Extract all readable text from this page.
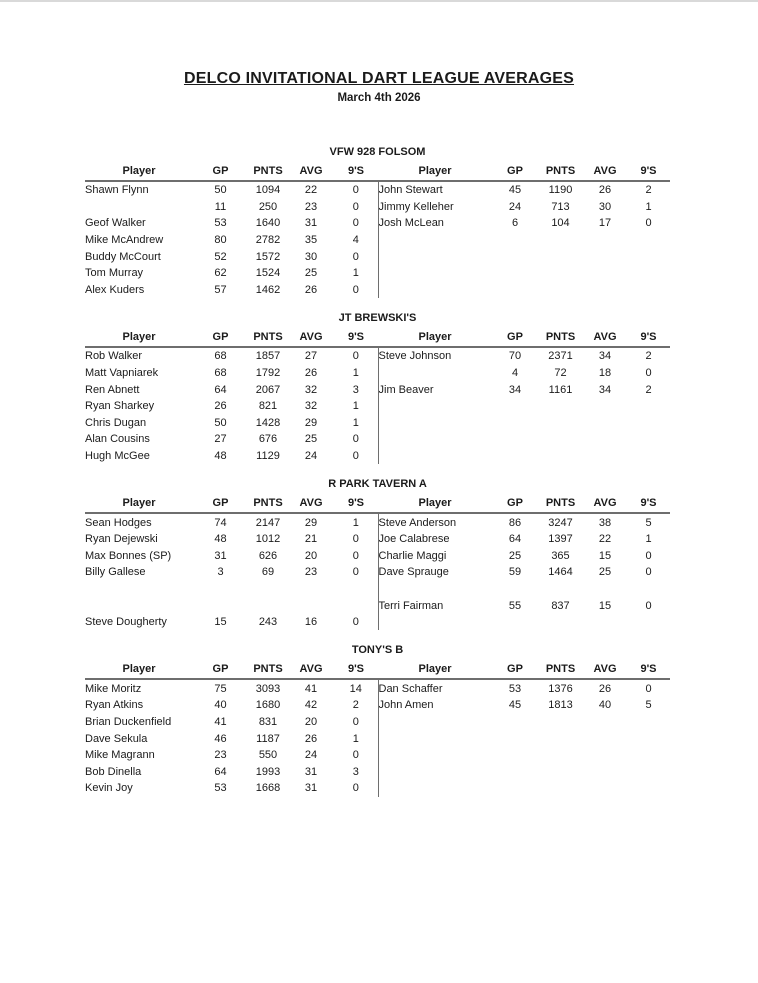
DELCO INVITATIONAL DART LEAGUE AVERAGES
March 4th 2026
VFW 928 FOLSOM
Player	GP	PNTS	AVG	9'S	Player	GP	PNTS	AVG	9'S
Shawn Flynn	50	1094	22	0	John Stewart	45	1190	26	2
	11	250	23	0	Jimmy Kelleher	24	713	30	1
Geof Walker	53	1640	31	0	Josh McLean	6	104	17	0
Mike McAndrew	80	2782	35	4					
Buddy McCourt	52	1572	30	0					
Tom Murray	62	1524	25	1					
Alex Kuders	57	1462	26	0					
JT BREWSKI'S
Player	GP	PNTS	AVG	9'S	Player	GP	PNTS	AVG	9'S
Rob Walker	68	1857	27	0	Steve Johnson	70	2371	34	2
Matt Vapniarek	68	1792	26	1		4	72	18	0
Ren Abnett	64	2067	32	3	Jim Beaver	34	1161	34	2
Ryan Sharkey	26	821	32	1					
Chris Dugan	50	1428	29	1					
Alan Cousins	27	676	25	0					
Hugh McGee	48	1129	24	0					
R PARK TAVERN A
Player	GP	PNTS	AVG	9'S	Player	GP	PNTS	AVG	9'S
Sean Hodges	74	2147	29	1	Steve Anderson	86	3247	38	5
Ryan Dejewski	48	1012	21	0	Joe Calabrese	64	1397	22	1
Max Bonnes (SP)	31	626	20	0	Charlie Maggi	25	365	15	0
Billy Gallese	3	69	23	0	Dave Sprauge	59	1464	25	0

					Terri Fairman	55	837	15	0
Steve Dougherty	15	243	16	0					
TONY'S B
Player	GP	PNTS	AVG	9'S	Player	GP	PNTS	AVG	9'S
Mike Moritz	75	3093	41	14	Dan Schaffer	53	1376	26	0
Ryan Atkins	40	1680	42	2	John Amen	45	1813	40	5
Brian Duckenfield	41	831	20	0					
Dave Sekula	46	1187	26	1					
Mike Magrann	23	550	24	0					
Bob Dinella	64	1993	31	3					
Kevin Joy	53	1668	31	0					
